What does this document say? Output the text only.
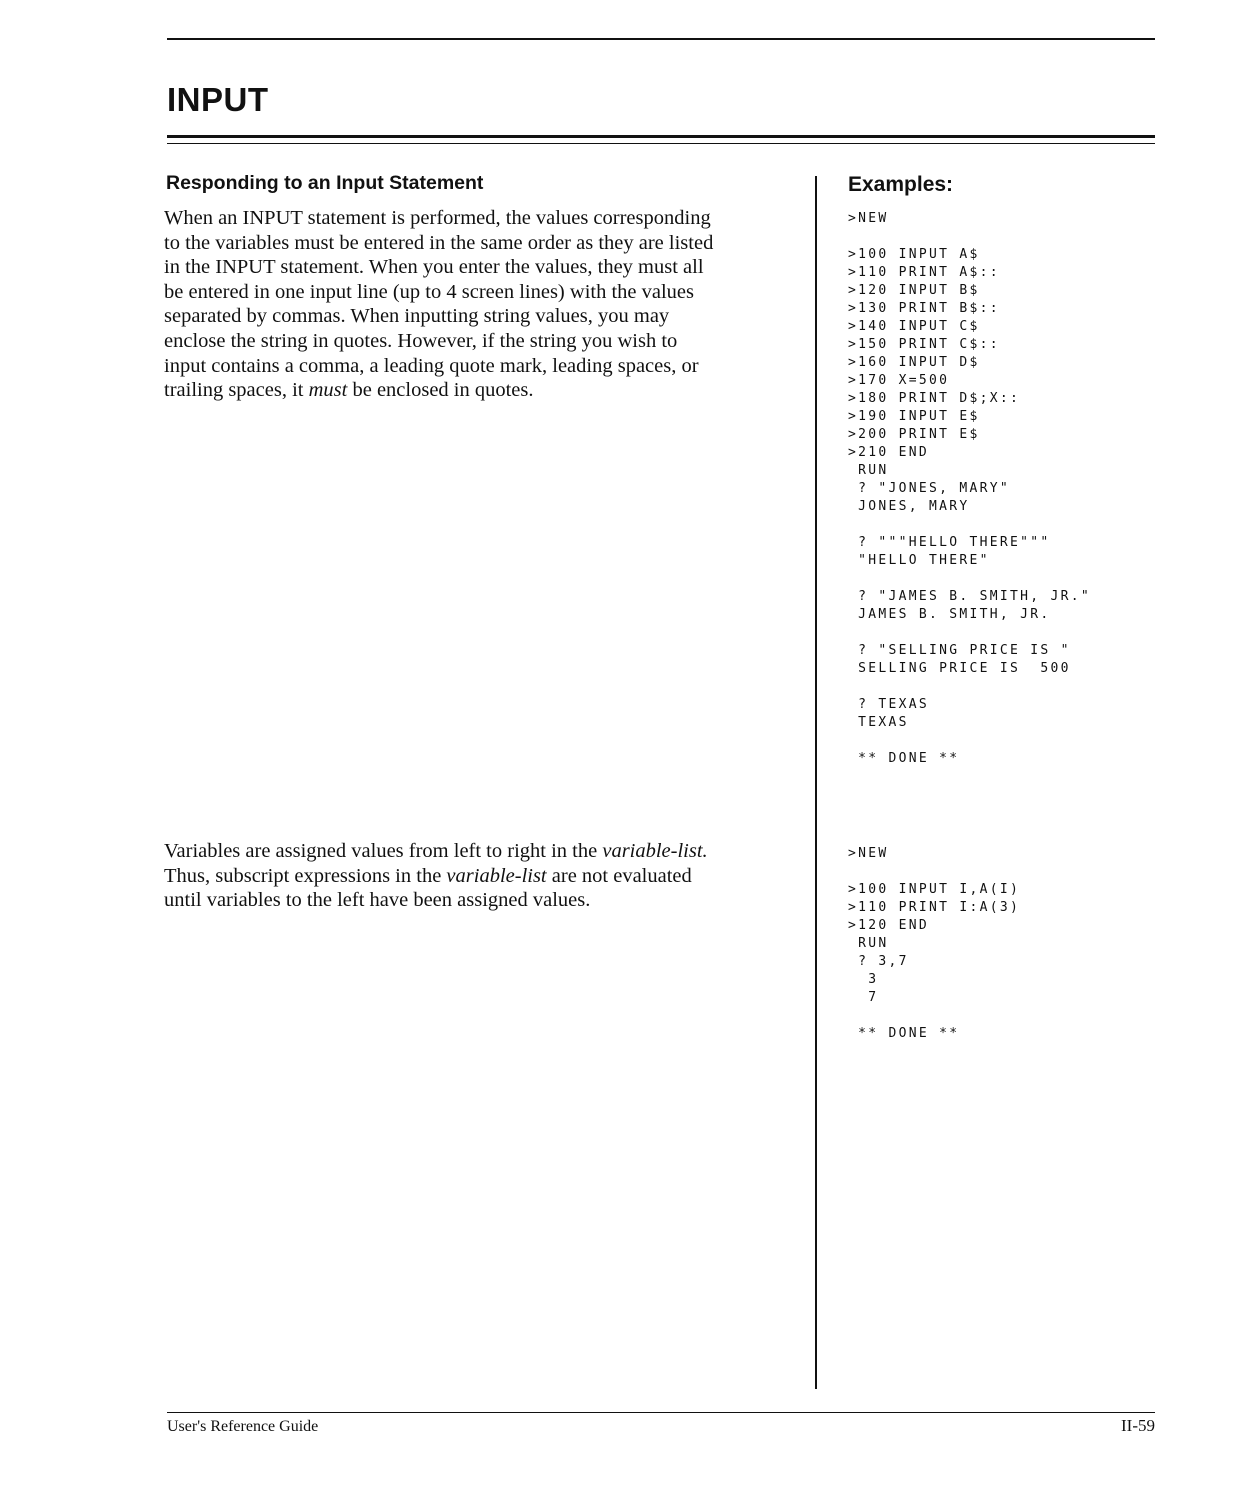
INPUT
Responding to an Input Statement

When an INPUT statement is performed, the values corresponding
to the variables must be entered in the same order as they are listed
in the INPUT statement. When you enter the values, they must all
be entered in one input line (up to 4 screen lines) with the values
separated by commas. When inputting string values, you may
enclose the string in quotes. However, if the string you wish to
input contains a comma, a leading quote mark, leading spaces, or
trailing spaces, it must be enclosed in quotes.

Variables are assigned values from left to right in the variable-list.
Thus, subscript expressions in the variable-list are not evaluated
until variables to the left have been assigned values.

Examples:
>NEW

>100 INPUT A$
>110 PRINT A$::
>120 INPUT B$
>130 PRINT B$::
>140 INPUT C$
>150 PRINT C$::
>160 INPUT D$
>170 X=500
>180 PRINT D$;X::
>190 INPUT E$
>200 PRINT E$
>210 END
RUN
? "JONES, MARY"
JONES, MARY

? """HELLO THERE"""
"HELLO THERE"

? "JAMES B. SMITH, JR."
JAMES B. SMITH, JR.

? "SELLING PRICE IS "
SELLING PRICE IS  500

? TEXAS
TEXAS

** DONE **
>NEW

>100 INPUT I,A(I)
>110 PRINT I:A(3)
>120 END
RUN
? 3,7
3
7

** DONE **
User's Reference Guide	II-59
